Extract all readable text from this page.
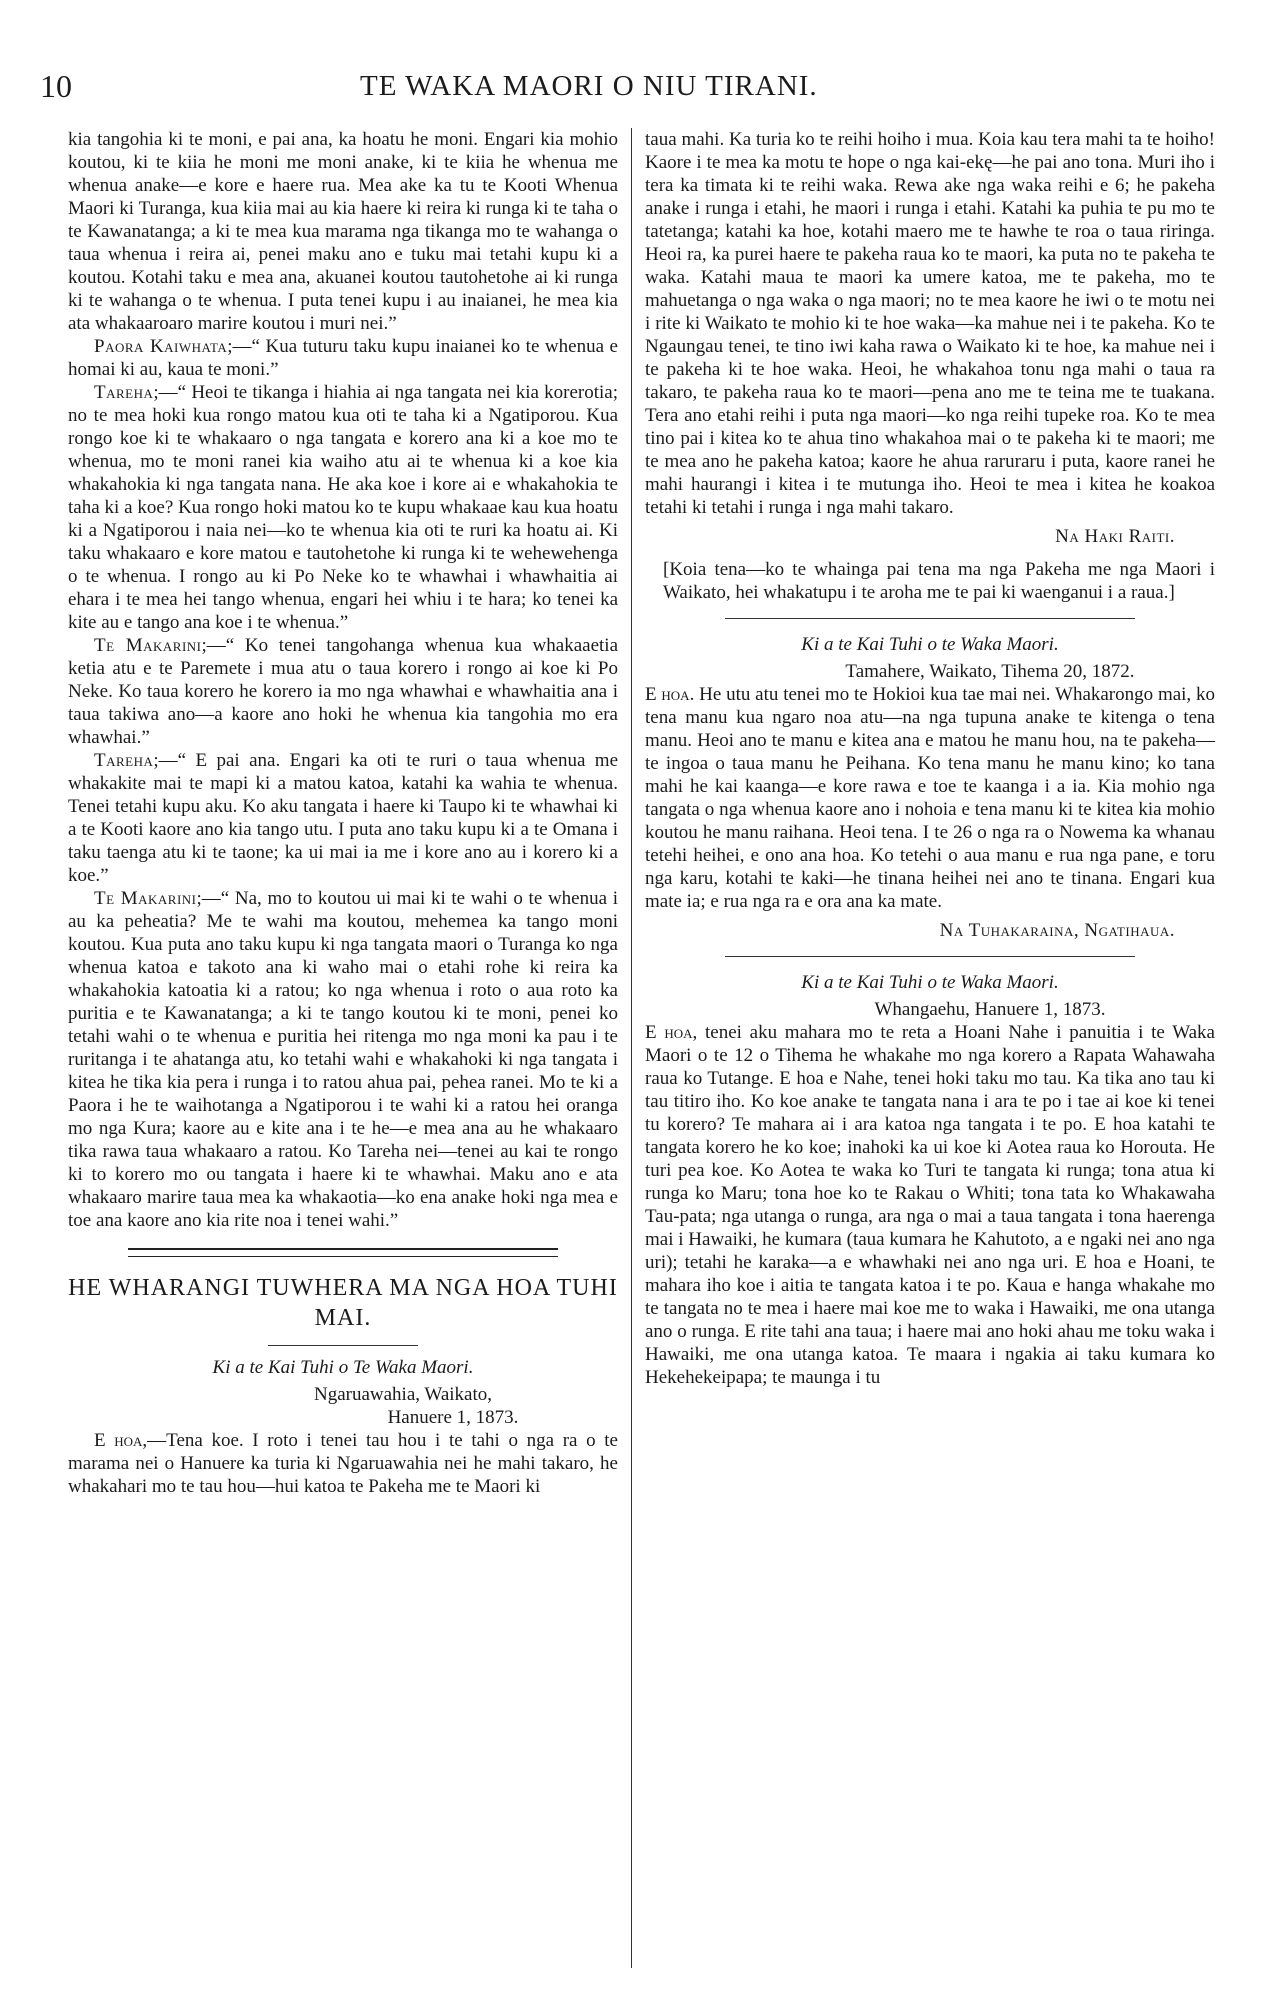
10	TE WAKA MAORI O NIU TIRANI.

kia tangohia ki te moni, e pai ana, ka hoatu he moni. Engari kia mohio koutou, ki te kiia he moni me moni anake, ki te kiia he whenua me whenua anake—e kore e haere rua. Mea ake ka tu te Kooti Whenua Maori ki Turanga, kua kiia mai au kia haere ki reira ki runga ki te taha o te Kawanatanga; a ki te mea kua marama nga tikanga mo te wahanga o taua whenua i reira ai, penei maku ano e tuku mai tetahi kupu ki a koutou. Kotahi taku e mea ana, akuanei koutou tautohetohe ai ki runga ki te wahanga o te whenua. I puta tenei kupu i au inaianei, he mea kia ata whakaaroaro marire koutou i muri nei.”

Paora Kaiwhata;—“ Kua tuturu taku kupu inaianei ko te whenua e homai ki au, kaua te moni.”

Tareha;—“ Heoi te tikanga i hiahia ai nga tangata nei kia korerotia; no te mea hoki kua rongo matou kua oti te taha ki a Ngatiporou. Kua rongo koe ki te whakaaro o nga tangata e korero ana ki a koe mo te whenua, mo te moni ranei kia waiho atu ai te whenua ki a koe kia whakahokia ki nga tangata nana. He aka koe i kore ai e whakahokia te taha ki a koe? Kua rongo hoki matou ko te kupu whakaae kau kua hoatu ki a Ngatiporou i naia nei—ko te whenua kia oti te ruri ka hoatu ai. Ki taku whakaaro e kore matou e tautohetohe ki runga ki te wehewehenga o te whenua. I rongo au ki Po Neke ko te whawhai i whawhaitia ai ehara i te mea hei tango whenua, engari hei whiu i te hara; ko tenei ka kite au e tango ana koe i te whenua.”

Te Makarini;—“ Ko tenei tangohanga whenua kua whakaaetia ketia atu e te Paremete i mua atu o taua korero i rongo ai koe ki Po Neke. Ko taua korero he korero ia mo nga whawhai e whawhaitia ana i taua takiwa ano—a kaore ano hoki he whenua kia tangohia mo era whawhai.”

Tareha;—“ E pai ana. Engari ka oti te ruri o taua whenua me whakakite mai te mapi ki a matou katoa, katahi ka wahia te whenua. Tenei tetahi kupu aku. Ko aku tangata i haere ki Taupo ki te whawhai ki a te Kooti kaore ano kia tango utu. I puta ano taku kupu ki a te Omana i taku taenga atu ki te taone; ka ui mai ia me i kore ano au i korero ki a koe.”

Te Makarini;—“ Na, mo to koutou ui mai ki te wahi o te whenua i au ka peheatia? Me te wahi ma koutou, mehemea ka tango moni koutou. Kua puta ano taku kupu ki nga tangata maori o Turanga ko nga whenua katoa e takoto ana ki waho mai o etahi rohe ki reira ka whakahokia katoatia ki a ratou; ko nga whenua i roto o aua roto ka puritia e te Kawanatanga; a ki te tango koutou ki te moni, penei ko tetahi wahi o te whenua e puritia hei ritenga mo nga moni ka pau i te ruritanga i te ahatanga atu, ko tetahi wahi e whakahoki ki nga tangata i kitea he tika kia pera i runga i to ratou ahua pai, pehea ranei. Mo te ki a Paora i he te waihotanga a Ngatiporou i te wahi ki a ratou hei oranga mo nga Kura; kaore au e kite ana i te he—e mea ana au he whakaaro tika rawa taua whakaaro a ratou. Ko Tareha nei—tenei au kai te rongo ki to korero mo ou tangata i haere ki te whawhai. Maku ano e ata whakaaro marire taua mea ka whakaotia—ko ena anake hoki nga mea e toe ana kaore ano kia rite noa i tenei wahi.”

HE WHARANGI TUWHERA MA NGA HOA TUHI MAI.
Ki a te Kai Tuhi o Te Waka Maori.

Ngaruawahia, Waikato,

Hanuere 1, 1873.

E hoa,—Tena koe. I roto i tenei tau hou i te tahi o nga ra o te marama nei o Hanuere ka turia ki Ngaruawahia nei he mahi takaro, he whakahari mo te tau hou—hui katoa te Pakeha me te Maori ki

taua mahi. Ka turia ko te reihi hoiho i mua. Koia kau tera mahi ta te hoiho! Kaore i te mea ka motu te hope o nga kai-ekę—he pai ano tona. Muri iho i tera ka timata ki te reihi waka. Rewa ake nga waka reihi e 6; he pakeha anake i runga i etahi, he maori i runga i etahi. Katahi ka puhia te pu mo te tatetanga; katahi ka hoe, kotahi maero me te hawhe te roa o taua riringa. Heoi ra, ka purei haere te pakeha raua ko te maori, ka puta no te pakeha te waka. Katahi maua te maori ka umere katoa, me te pakeha, mo te mahuetanga o nga waka o nga maori; no te mea kaore he iwi o te motu nei i rite ki Waikato te mohio ki te hoe waka—ka mahue nei i te pakeha. Ko te Ngaungau tenei, te tino iwi kaha rawa o Waikato ki te hoe, ka mahue nei i te pakeha ki te hoe waka. Heoi, he whakahoa tonu nga mahi o taua ra takaro, te pakeha raua ko te maori—pena ano me te teina me te tuakana. Tera ano etahi reihi i puta nga maori—ko nga reihi tupeke roa. Ko te mea tino pai i kitea ko te ahua tino whakahoa mai o te pakeha ki te maori; me te mea ano he pakeha katoa; kaore he ahua raruraru i puta, kaore ranei he mahi haurangi i kitea i te mutunga iho. Heoi te mea i kitea he koakoa tetahi ki tetahi i runga i nga mahi takaro.

Na Haki Raiti.

[Koia tena—ko te whainga pai tena ma nga Pakeha me nga Maori i Waikato, hei whakatupu i te aroha me te pai ki waenganui i a raua.]

Ki a te Kai Tuhi o te Waka Maori.

Tamahere, Waikato, Tihema 20, 1872.

E hoa. He utu atu tenei mo te Hokioi kua tae mai nei. Whakarongo mai, ko tena manu kua ngaro noa atu—na nga tupuna anake te kitenga o tena manu. Heoi ano te manu e kitea ana e matou he manu hou, na te pakeha—te ingoa o taua manu he Peihana. Ko tena manu he manu kino; ko tana mahi he kai kaanga—e kore rawa e toe te kaanga i a ia. Kia mohio nga tangata o nga whenua kaore ano i nohoia e tena manu ki te kitea kia mohio koutou he manu raihana. Heoi tena. I te 26 o nga ra o Nowema ka whanau tetehi heihei, e ono ana hoa. Ko tetehi o aua manu e rua nga pane, e toru nga karu, kotahi te kaki—he tinana heihei nei ano te tinana. Engari kua mate ia; e rua nga ra e ora ana ka mate.

Na Tuhakaraina, Ngatihaua.

Ki a te Kai Tuhi o te Waka Maori.

Whangaehu, Hanuere 1, 1873.

E hoa, tenei aku mahara mo te reta a Hoani Nahe i panuitia i te Waka Maori o te 12 o Tihema he whakahe mo nga korero a Rapata Wahawaha raua ko Tutange. E hoa e Nahe, tenei hoki taku mo tau. Ka tika ano tau ki tau titiro iho. Ko koe anake te tangata nana i ara te po i tae ai koe ki tenei tu korero? Te mahara ai i ara katoa nga tangata i te po. E hoa katahi te tangata korero he ko koe; inahoki ka ui koe ki Aotea raua ko Horouta. He turi pea koe. Ko Aotea te waka ko Turi te tangata ki runga; tona atua ki runga ko Maru; tona hoe ko te Rakau o Whiti; tona tata ko Whakawaha Tau-pata; nga utanga o runga, ara nga o mai a taua tangata i tona haerenga mai i Hawaiki, he kumara (taua kumara he Kahutoto, a e ngaki nei ano nga uri); tetahi he karaka—a e whawhaki nei ano nga uri. E hoa e Hoani, te mahara iho koe i aitia te tangata katoa i te po. Kaua e hanga whakahe mo te tangata no te mea i haere mai koe me to waka i Hawaiki, me ona utanga ano o runga. E rite tahi ana taua; i haere mai ano hoki ahau me toku waka i Hawaiki, me ona utanga katoa. Te maara i ngakia ai taku kumara ko Hekehekeipapa; te maunga i tu
